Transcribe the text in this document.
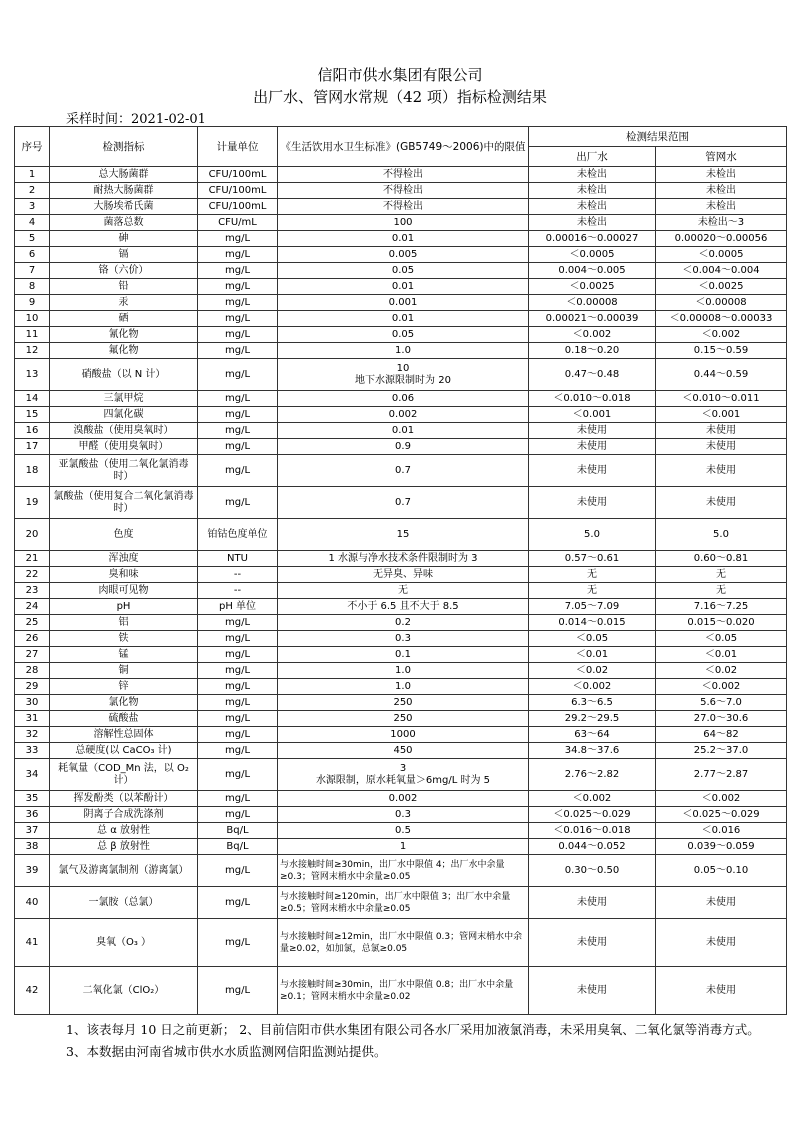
信阳市供水集团有限公司
出厂水、管网水常规（42 项）指标检测结果
采样时间：2021-02-01
序号	检测指标	计量单位	《生活饮用水卫生标准》(GB5749～2006)中的限值	检测结果范围	
				出厂水	管网水
1	总大肠菌群	CFU/100mL	不得检出	未检出	未检出
2	耐热大肠菌群	CFU/100mL	不得检出	未检出	未检出
3	大肠埃希氏菌	CFU/100mL	不得检出	未检出	未检出
4	菌落总数	CFU/mL	100	未检出	未检出～3
5	砷	mg/L	0.01	0.00016～0.00027	0.00020～0.00056
6	镉	mg/L	0.005	＜0.0005	＜0.0005
7	铬（六价）	mg/L	0.05	0.004～0.005	＜0.004～0.004
8	铅	mg/L	0.01	＜0.0025	＜0.0025
9	汞	mg/L	0.001	＜0.00008	＜0.00008
10	硒	mg/L	0.01	0.00021～0.00039	＜0.00008～0.00033
11	氰化物	mg/L	0.05	＜0.002	＜0.002
12	氟化物	mg/L	1.0	0.18～0.20	0.15～0.59
13	硝酸盐（以 N 计）	mg/L	10
地下水源限制时为 20	0.47～0.48	0.44～0.59
14	三氯甲烷	mg/L	0.06	＜0.010～0.018	＜0.010～0.011
15	四氯化碳	mg/L	0.002	＜0.001	＜0.001
16	溴酸盐（使用臭氧时）	mg/L	0.01	未使用	未使用
17	甲醛（使用臭氧时）	mg/L	0.9	未使用	未使用
18	亚氯酸盐（使用二氧化氯消毒时）	mg/L	0.7	未使用	未使用
19	氯酸盐（使用复合二氧化氯消毒时）	mg/L	0.7	未使用	未使用
20	色度	铂钴色度单位	15	5.0	5.0
21	浑浊度	NTU	1 水源与净水技术条件限制时为 3	0.57～0.61	0.60～0.81
22	臭和味	--	无异臭、异味	无	无
23	肉眼可见物	--	无	无	无
24	pH	pH 单位	不小于 6.5 且不大于 8.5	7.05～7.09	7.16～7.25
25	铝	mg/L	0.2	0.014～0.015	0.015～0.020
26	铁	mg/L	0.3	＜0.05	＜0.05
27	锰	mg/L	0.1	＜0.01	＜0.01
28	铜	mg/L	1.0	＜0.02	＜0.02
29	锌	mg/L	1.0	＜0.002	＜0.002
30	氯化物	mg/L	250	6.3～6.5	5.6～7.0
31	硫酸盐	mg/L	250	29.2～29.5	27.0～30.6
32	溶解性总固体	mg/L	1000	63～64	64～82
33	总硬度(以 CaCO₃ 计)	mg/L	450	34.8～37.6	25.2～37.0
34	耗氧量（COD_Mn 法，以 O₂ 计）	mg/L	3
水源限制，原水耗氧量＞6mg/L 时为 5	2.76～2.82	2.77～2.87
35	挥发酚类（以苯酚计）	mg/L	0.002	＜0.002	＜0.002
36	阴离子合成洗涤剂	mg/L	0.3	＜0.025～0.029	＜0.025～0.029
37	总 α 放射性	Bq/L	0.5	＜0.016～0.018	＜0.016
38	总 β 放射性	Bq/L	1	0.044～0.052	0.039～0.059
39	氯气及游离氯制剂（游离氯）	mg/L	与水接触时间≥30min，出厂水中限值 4；出厂水中余量≥0.3；管网末梢水中余量≥0.05	0.30～0.50	0.05～0.10
40	一氯胺（总氯）	mg/L	与水接触时间≥120min，出厂水中限值 3；出厂水中余量≥0.5；管网末梢水中余量≥0.05	未使用	未使用
41	臭氧（O₃ ）	mg/L	与水接触时间≥12min，出厂水中限值 0.3；管网末梢水中余量≥0.02，如加氯，总氯≥0.05	未使用	未使用
42	二氧化氯（ClO₂）	mg/L	与水接触时间≥30min，出厂水中限值 0.8；出厂水中余量≥0.1；管网末梢水中余量≥0.02	未使用	未使用
1、该表每月 10 日之前更新； 2、目前信阳市供水集团有限公司各水厂采用加液氯消毒，未采用臭氧、二氧化氯等消毒方式。3、本数据由河南省城市供水水质监测网信阳监测站提供。
